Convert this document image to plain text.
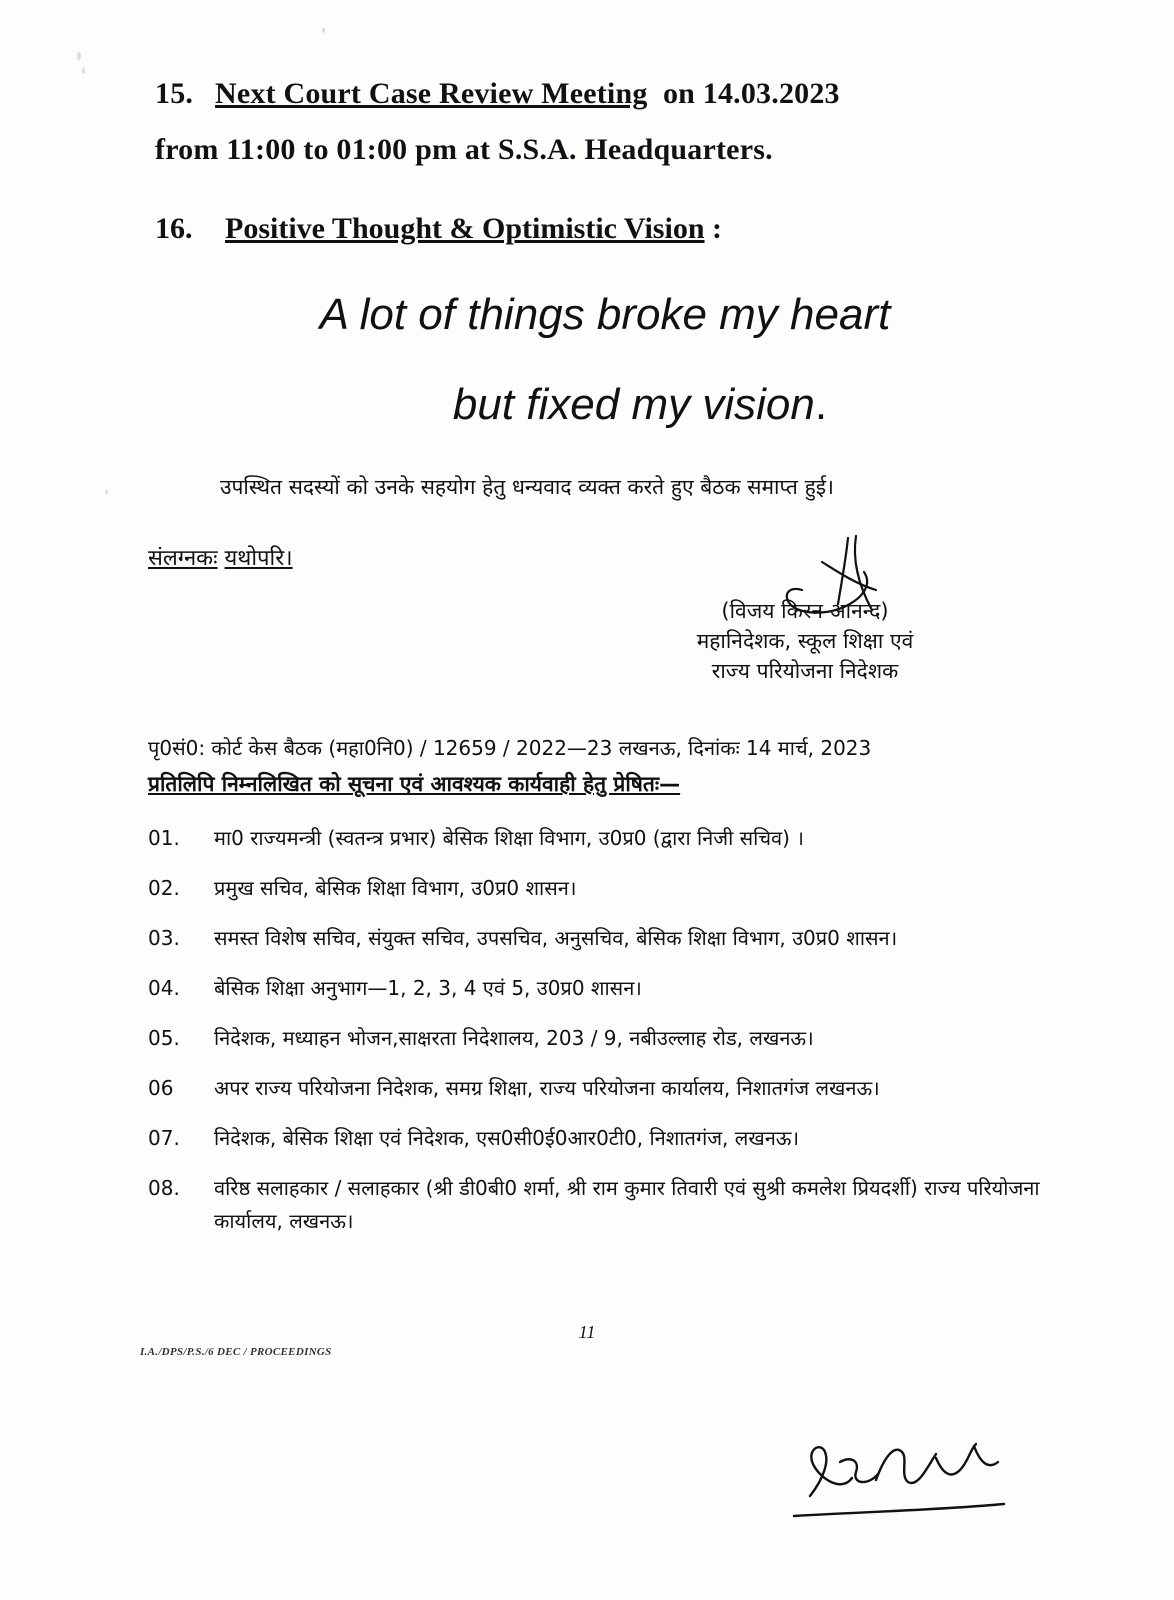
15. Next Court Case Review Meeting on 14.03.2023
from 11:00 to 01:00 pm at S.S.A. Headquarters.
16. Positive Thought & Optimistic Vision :
A lot of things broke my heart
but fixed my vision.
उपस्थित सदस्यों को उनके सहयोग हेतु धन्यवाद व्यक्त करते हुए बैठक समाप्त हुई।
संलग्नकः यथोपरि।
(विजय किरन आनन्द)
महानिदेशक, स्कूल शिक्षा एवं
राज्य परियोजना निदेशक
पृ0सं0: कोर्ट केस बैठक (महा0नि0) / 12659 / 2022—23 लखनऊ, दिनांकः 14 मार्च, 2023
प्रतिलिपि निम्नलिखित को सूचना एवं आवश्यक कार्यवाही हेतु प्रेषितः—
01.	मा0 राज्यमन्त्री (स्वतन्त्र प्रभार) बेसिक शिक्षा विभाग, उ0प्र0 (द्वारा निजी सचिव) ।
02.	प्रमुख सचिव, बेसिक शिक्षा विभाग, उ0प्र0 शासन।
03.	समस्त विशेष सचिव, संयुक्त सचिव, उपसचिव, अनुसचिव, बेसिक शिक्षा विभाग, उ0प्र0 शासन।
04.	बेसिक शिक्षा अनुभाग—1, 2, 3, 4 एवं 5, उ0प्र0 शासन।
05.	निदेशक, मध्याहन भोजन,साक्षरता निदेशालय, 203 / 9, नबीउल्लाह रोड, लखनऊ।
06	अपर राज्य परियोजना निदेशक, समग्र शिक्षा, राज्य परियोजना कार्यालय, निशातगंज लखनऊ।
07.	निदेशक, बेसिक शिक्षा एवं निदेशक, एस0सी0ई0आर0टी0, निशातगंज, लखनऊ।
08.	वरिष्ठ सलाहकार / सलाहकार (श्री डी0बी0 शर्मा, श्री राम कुमार तिवारी एवं सुश्री कमलेश प्रियदर्शी) राज्य परियोजना कार्यालय, लखनऊ।
11
I.A./DPS/P.S./6 DEC / PROCEEDINGS
